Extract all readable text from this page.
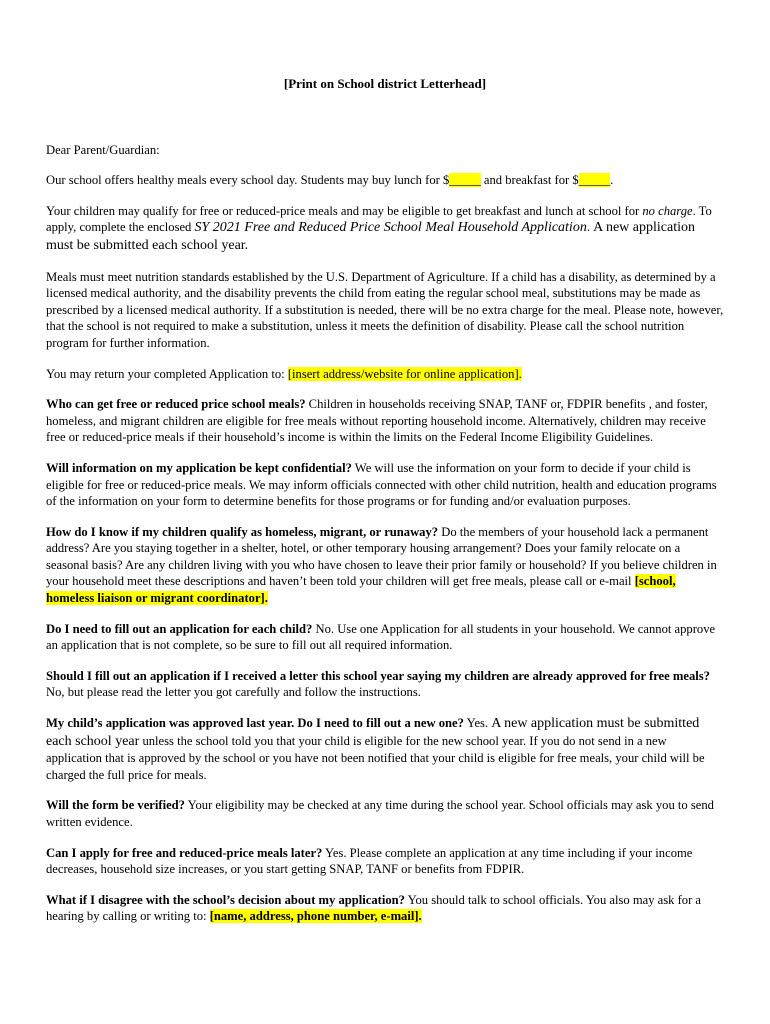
[Print on School district Letterhead]

Dear Parent/Guardian:

Our school offers healthy meals every school day. Students may buy lunch for $_____ and breakfast for $_____.

Your children may qualify for free or reduced-price meals and may be eligible to get breakfast and lunch at school for no charge. To apply, complete the enclosed SY 2021 Free and Reduced Price School Meal Household Application. A new application must be submitted each school year.

Meals must meet nutrition standards established by the U.S. Department of Agriculture. If a child has a disability, as determined by a licensed medical authority, and the disability prevents the child from eating the regular school meal, substitutions may be made as prescribed by a licensed medical authority. If a substitution is needed, there will be no extra charge for the meal. Please note, however, that the school is not required to make a substitution, unless it meets the definition of disability. Please call the school nutrition program for further information.

You may return your completed Application to: [insert address/website for online application].

Who can get free or reduced price school meals? Children in households receiving SNAP, TANF or, FDPIR benefits , and foster, homeless, and migrant children are eligible for free meals without reporting household income. Alternatively, children may receive free or reduced-price meals if their household’s income is within the limits on the Federal Income Eligibility Guidelines.

Will information on my application be kept confidential? We will use the information on your form to decide if your child is eligible for free or reduced-price meals. We may inform officials connected with other child nutrition, health and education programs of the information on your form to determine benefits for those programs or for funding and/or evaluation purposes.

How do I know if my children qualify as homeless, migrant, or runaway? Do the members of your household lack a permanent address? Are you staying together in a shelter, hotel, or other temporary housing arrangement? Does your family relocate on a seasonal basis? Are any children living with you who have chosen to leave their prior family or household? If you believe children in your household meet these descriptions and haven’t been told your children will get free meals, please call or e-mail [school, homeless liaison or migrant coordinator].

Do I need to fill out an application for each child? No. Use one Application for all students in your household. We cannot approve an application that is not complete, so be sure to fill out all required information.

Should I fill out an application if I received a letter this school year saying my children are already approved for free meals? No, but please read the letter you got carefully and follow the instructions.

My child’s application was approved last year. Do I need to fill out a new one? Yes. A new application must be submitted each school year unless the school told you that your child is eligible for the new school year. If you do not send in a new application that is approved by the school or you have not been notified that your child is eligible for free meals, your child will be charged the full price for meals.

Will the form be verified? Your eligibility may be checked at any time during the school year. School officials may ask you to send written evidence.

Can I apply for free and reduced-price meals later? Yes. Please complete an application at any time including if your income decreases, household size increases, or you start getting SNAP, TANF or benefits from FDPIR.

What if I disagree with the school’s decision about my application? You should talk to school officials. You also may ask for a hearing by calling or writing to: [name, address, phone number, e-mail].
